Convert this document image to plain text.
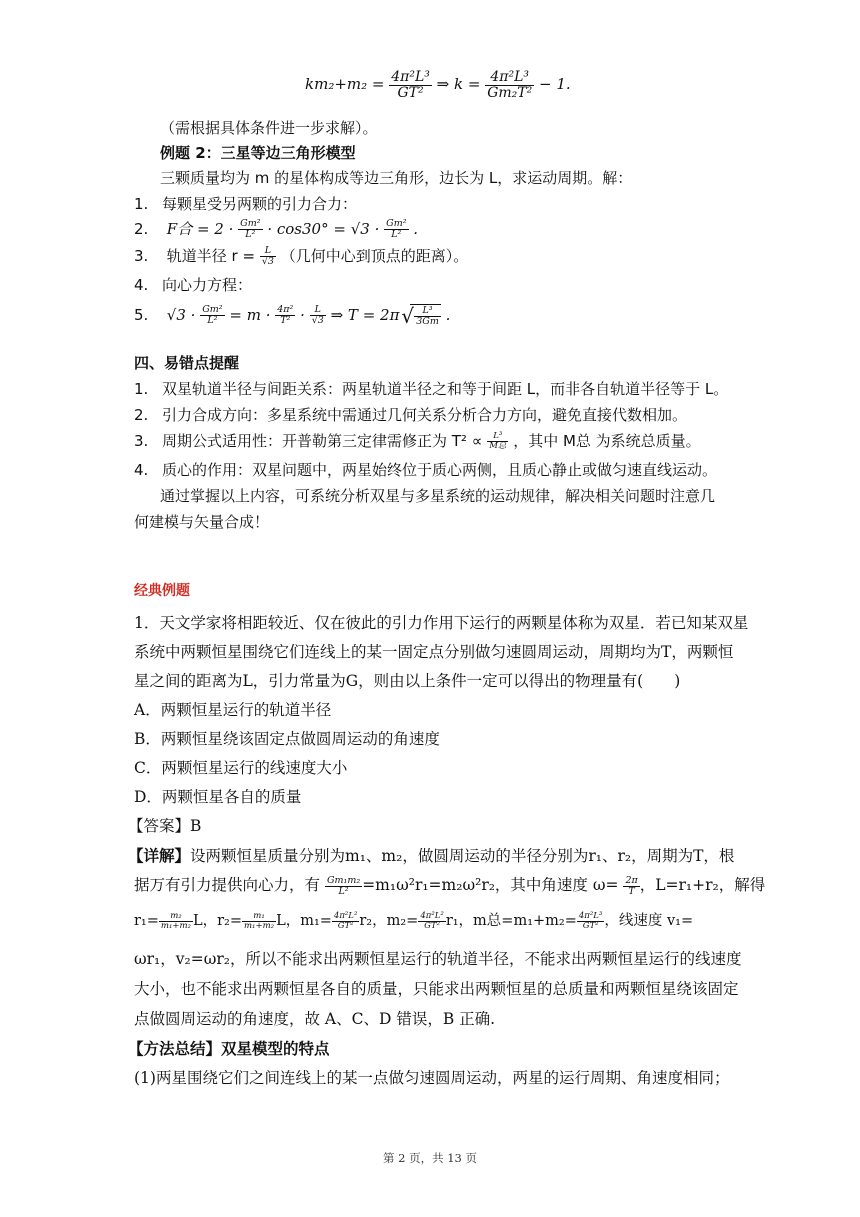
$km_2+m_2 = \frac{\text{4π²L³}}{\text{GT²}}$ ⇒ $k = \frac{\text{4π²L³}}{\text{Gm₂T²}} - 1$.
（需根据具体条件进一步求解）。
例题 2：三星等边三角形模型
三颗质量均为 m 的星体构成等边三角形，边长为 L，求运动周期。解：
1. 每颗星受另两颗的引力合力：
2. F合 = $2 \cdot \frac{\text{Gm²}}{\text{L²}} \cdot \cos 30^\circ = √3 \cdot \frac{\text{Gm²}}{\text{L²}}$ .
3. 轨道半径 $r = \frac{L}{√3}$ （几何中心到顶点的距离）。
4. 向心力方程：
5. $√3 \cdot \frac{\text{Gm²}}{\text{L²}} = m \cdot \frac{\text{4π²}}{\text{T²}} \cdot \frac{L}{√3}$ ⇒ T = 2π √ $\frac{\text{L³}}{3Gm}$ .
四、易错点提醒
1. 双星轨道半径与间距关系：两星轨道半径之和等于间距 L，而非各自轨道半径等于 L。
2. 引力合成方向：多星系统中需通过几何关系分析合力方向，避免直接代数相加。
3. 周期公式适用性：开普勒第三定律需修正为 $T^2 \propto \frac{\text{L³}}{\text{M总}}$ ，其中 M总 为系统总质量。
4. 质心的作用：双星问题中，两星始终位于质心两侧，且质心静止或做匀速直线运动。
通过掌握以上内容，可系统分析双星与多星系统的运动规律，解决相关问题时注意几
何建模与矢量合成！
经典例题
1．天文学家将相距较近、仅在彼此的引力作用下运行的两颗星体称为双星．若已知某双星
系统中两颗恒星围绕它们连线上的某一固定点分别做匀速圆周运动，周期均为T，两颗恒
星之间的距离为L，引力常量为G，则由以上条件一定可以得出的物理量有(　　)
A．两颗恒星运行的轨道半径
B．两颗恒星绕该固定点做圆周运动的角速度
C．两颗恒星运行的线速度大小
D．两颗恒星各自的质量
【答案】B
【详解】设两颗恒星质量分别为m₁、m₂，做圆周运动的半径分别为r₁、r₂，周期为T，根
据万有引力提供向心力，有 $\frac{\text{Gm₁m₂}}{\text{L²}} =m_1\omega^2r_1=m_2\omega^2r_2$，其中角速度 $\omega= \frac{2\pi}{T}$ ，L=r₁+r₂，解得
$r_1= \frac{\text{m₂}}{\text{m₁+m₂}}$ L，$r_2= \frac{\text{m₁}}{\text{m₁+m₂}}$ L，$m_1= \frac{\text{4π²L²}}{\text{GT²}} r_2$，$m_2= \frac{\text{4π²L²}}{\text{GT²}} r_1$，m总$=m_1+m_2= \frac{\text{4π²L³}}{\text{GT²}}$ ，线速度 v₁=
ωr₁，v₂=ωr₂，所以不能求出两颗恒星运行的轨道半径，不能求出两颗恒星运行的线速度
大小，也不能求出两颗恒星各自的质量，只能求出两颗恒星的总质量和两颗恒星绕该固定
点做圆周运动的角速度，故 A、C、D 错误，B 正确.
【方法总结】双星模型的特点
(1)两星围绕它们之间连线上的某一点做匀速圆周运动，两星的运行周期、角速度相同；
第 2 页，共 13 页
